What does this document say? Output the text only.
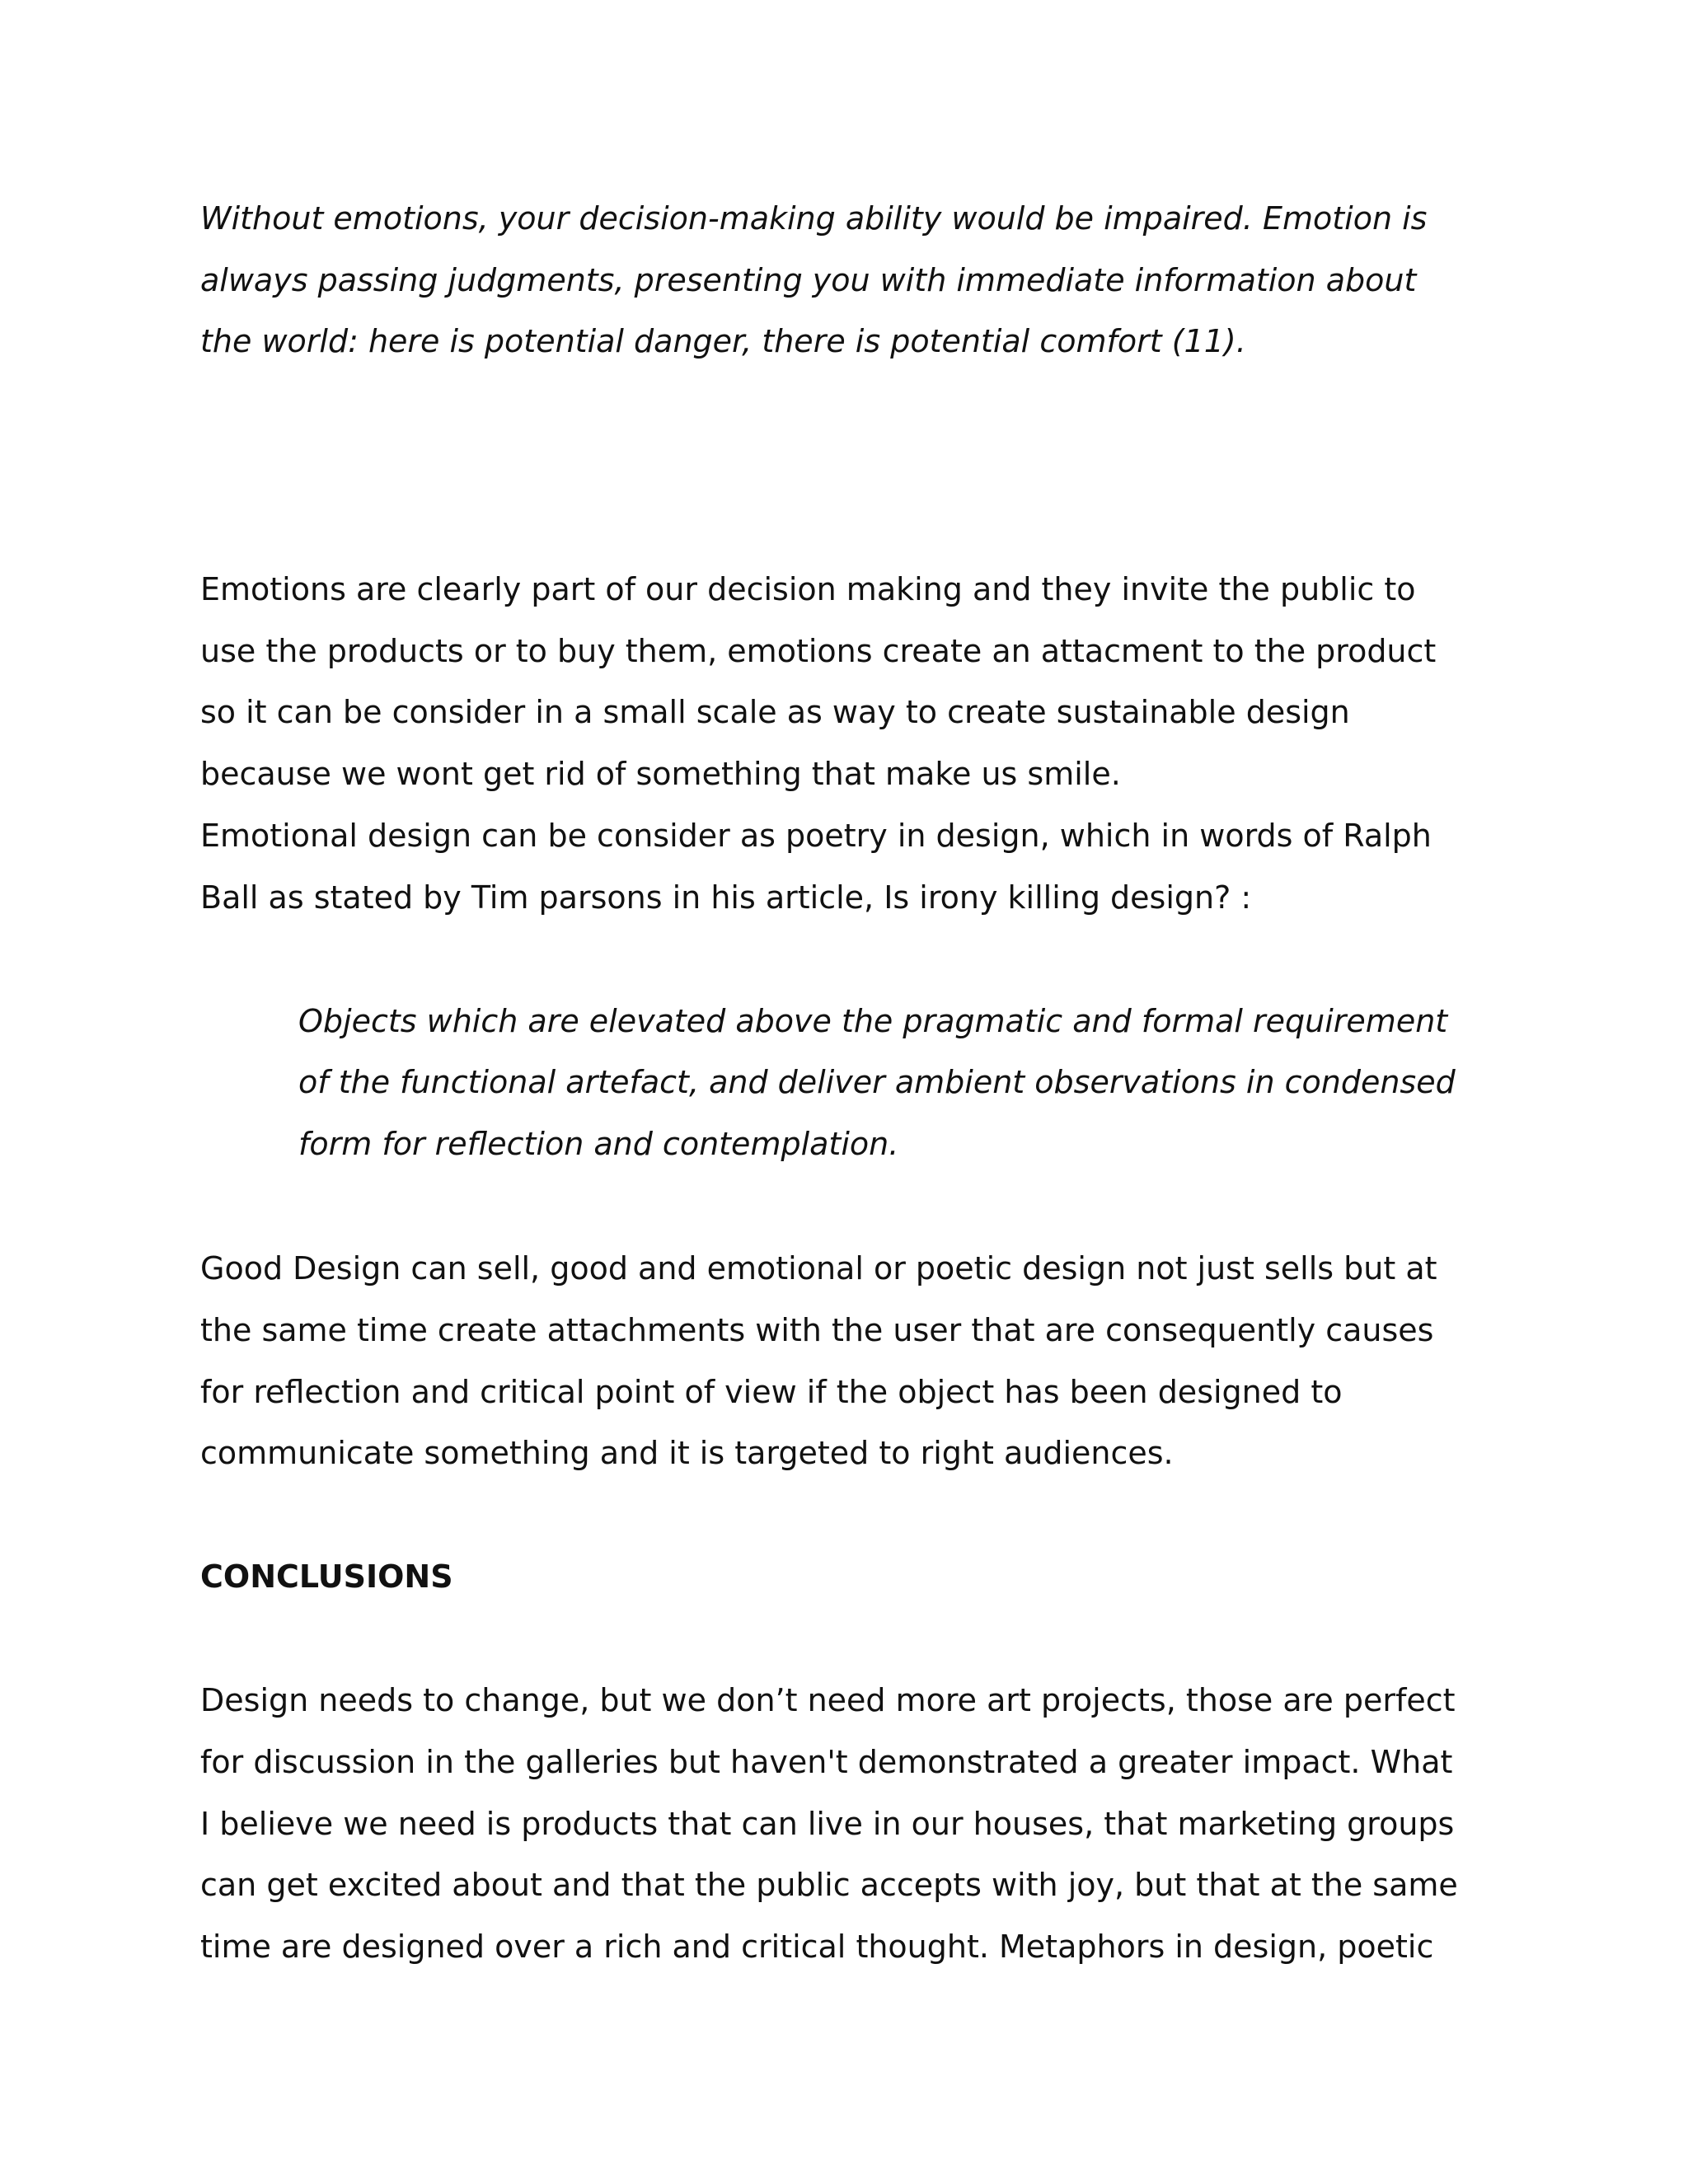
Without emotions, your decision-making ability would be impaired. Emotion is

always passing judgments, presenting you with immediate information about

the world: here is potential danger, there is potential comfort (11).

Emotions are clearly part of our decision making and they invite the public to

use the products or to buy them, emotions create an attacment to the product

so it can be consider in a small scale as way to create sustainable design

because we wont get rid of something that make us smile.

Emotional design can be consider as poetry in design, which in words of Ralph

Ball as stated by Tim parsons in his article, Is irony killing design? :

Objects which are elevated above the pragmatic and formal requirement

of the functional artefact, and deliver ambient observations in condensed

form for reflection and contemplation.

Good Design can sell, good and emotional or poetic design not just sells but at

the same time create attachments with the user that are consequently causes

for reflection and critical point of view if the object has been designed to

communicate something and it is targeted to right audiences.

CONCLUSIONS

Design needs to change, but we don’t need more art projects, those are perfect

for discussion in the galleries but haven't demonstrated a greater impact. What

I believe we need is products that can live in our houses, that marketing groups

can get excited about and that the public accepts with joy, but that at the same

time are designed over a rich and critical thought. Metaphors in design, poetic
